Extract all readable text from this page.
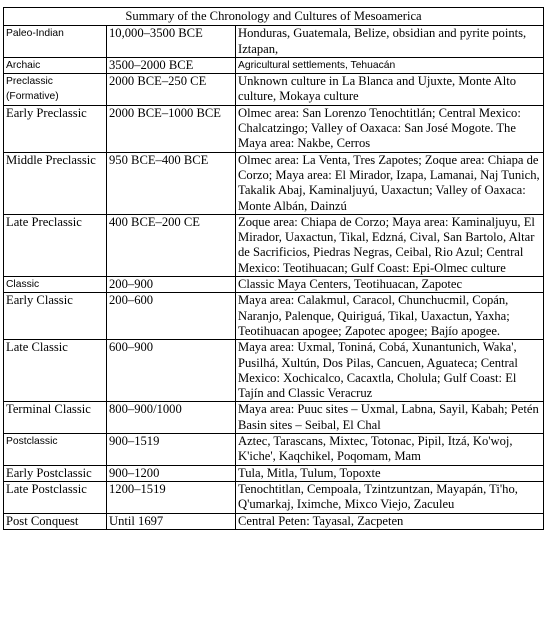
Summary of the Chronology and Cultures of Mesoamerica		
Paleo-Indian	10,000–3500 BCE	Honduras, Guatemala, Belize, obsidian and pyrite points, Iztapan,
Archaic	3500–2000 BCE	Agricultural settlements, Tehuacán
Preclassic (Formative)	2000 BCE–250 CE	Unknown culture in La Blanca and Ujuxte, Monte Alto culture, Mokaya culture
Early Preclassic	2000 BCE–1000 BCE	Olmec area: San Lorenzo Tenochtitlán; Central Mexico: Chalcatzingo; Valley of Oaxaca: San José Mogote. The Maya area: Nakbe, Cerros
Middle Preclassic	950 BCE–400 BCE	Olmec area: La Venta, Tres Zapotes; Zoque area: Chiapa de Corzo; Maya area: El Mirador, Izapa, Lamanai, Naj Tunich, Takalik Abaj, Kaminaljuyú, Uaxactun; Valley of Oaxaca: Monte Albán, Dainzú
Late Preclassic	400 BCE–200 CE	Zoque area: Chiapa de Corzo; Maya area: Kaminaljuyu, El Mirador, Uaxactun, Tikal, Edzná, Cival, San Bartolo, Altar de Sacrificios, Piedras Negras, Ceibal, Rio Azul; Central Mexico: Teotihuacan; Gulf Coast: Epi-Olmec culture
Classic	200–900	Classic Maya Centers, Teotihuacan, Zapotec
Early Classic	200–600	Maya area: Calakmul, Caracol, Chunchucmil, Copán, Naranjo, Palenque, Quiriguá, Tikal, Uaxactun, Yaxha; Teotihuacan apogee; Zapotec apogee; Bajío apogee.
Late Classic	600–900	Maya area: Uxmal, Toniná, Cobá, Xunantunich, Waka', Pusilhá, Xultún, Dos Pilas, Cancuen, Aguateca; Central Mexico: Xochicalco, Cacaxtla, Cholula; Gulf Coast: El Tajín and Classic Veracruz
Terminal Classic	800–900/1000	Maya area: Puuc sites – Uxmal, Labna, Sayil, Kabah; Petén Basin sites – Seibal, El Chal
Postclassic	900–1519	Aztec, Tarascans, Mixtec, Totonac, Pipil, Itzá, Ko'woj, K'iche', Kaqchikel, Poqomam, Mam
Early Postclassic	900–1200	Tula, Mitla, Tulum, Topoxte
Late Postclassic	1200–1519	Tenochtitlan, Cempoala, Tzintzuntzan, Mayapán, Ti'ho, Q'umarkaj, Iximche, Mixco Viejo, Zaculeu
Post Conquest	Until 1697	Central Peten: Tayasal, Zacpeten
